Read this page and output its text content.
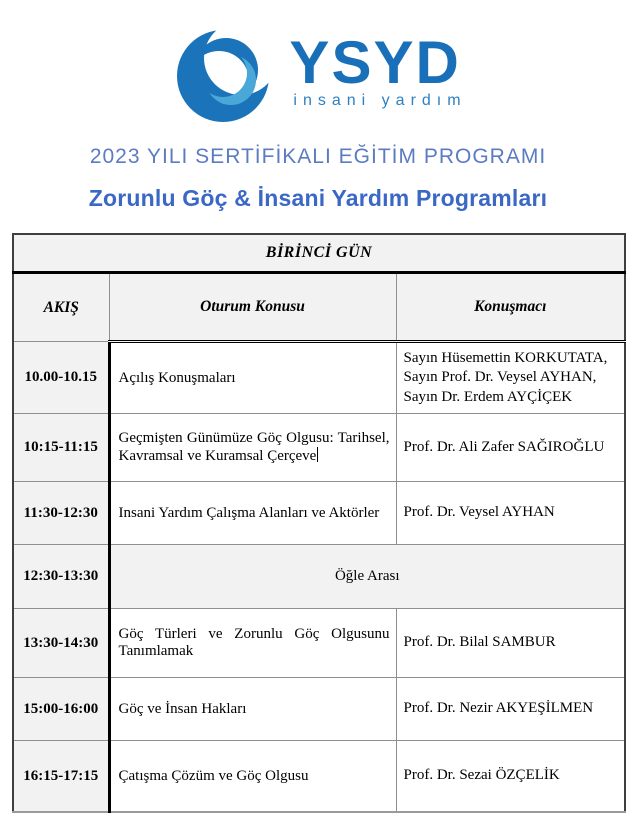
YSYD
insani yardım
2023 YILI SERTİFİKALI EĞİTİM PROGRAMI
Zorunlu Göç & İnsani Yardım Programları
BİRİNCİ GÜN		
AKIŞ	Oturum Konusu	Konuşmacı
10.00-10.15	Açılış Konuşmaları	Sayın Hüsemettin KORKUTATA,
Sayın Prof. Dr. Veysel AYHAN,
Sayın Dr. Erdem AYÇİÇEK

10:15-11:15	Geçmişten Günümüze Göç Olgusu: Tarihsel, Kavramsal ve Kuramsal Çerçeve	Prof. Dr. Ali Zafer SAĞIROĞLU
11:30-12:30	Insani Yardım Çalışma Alanları ve Aktörler	Prof. Dr. Veysel AYHAN
12:30-13:30	Öğle Arası	
13:30-14:30	Göç Türleri ve Zorunlu Göç Olgusunu Tanımlamak	Prof. Dr. Bilal SAMBUR
15:00-16:00	Göç ve İnsan Hakları	Prof. Dr. Nezir AKYEŞİLMEN
16:15-17:15	Çatışma Çözüm ve Göç Olgusu	Prof. Dr. Sezai ÖZÇELİK
